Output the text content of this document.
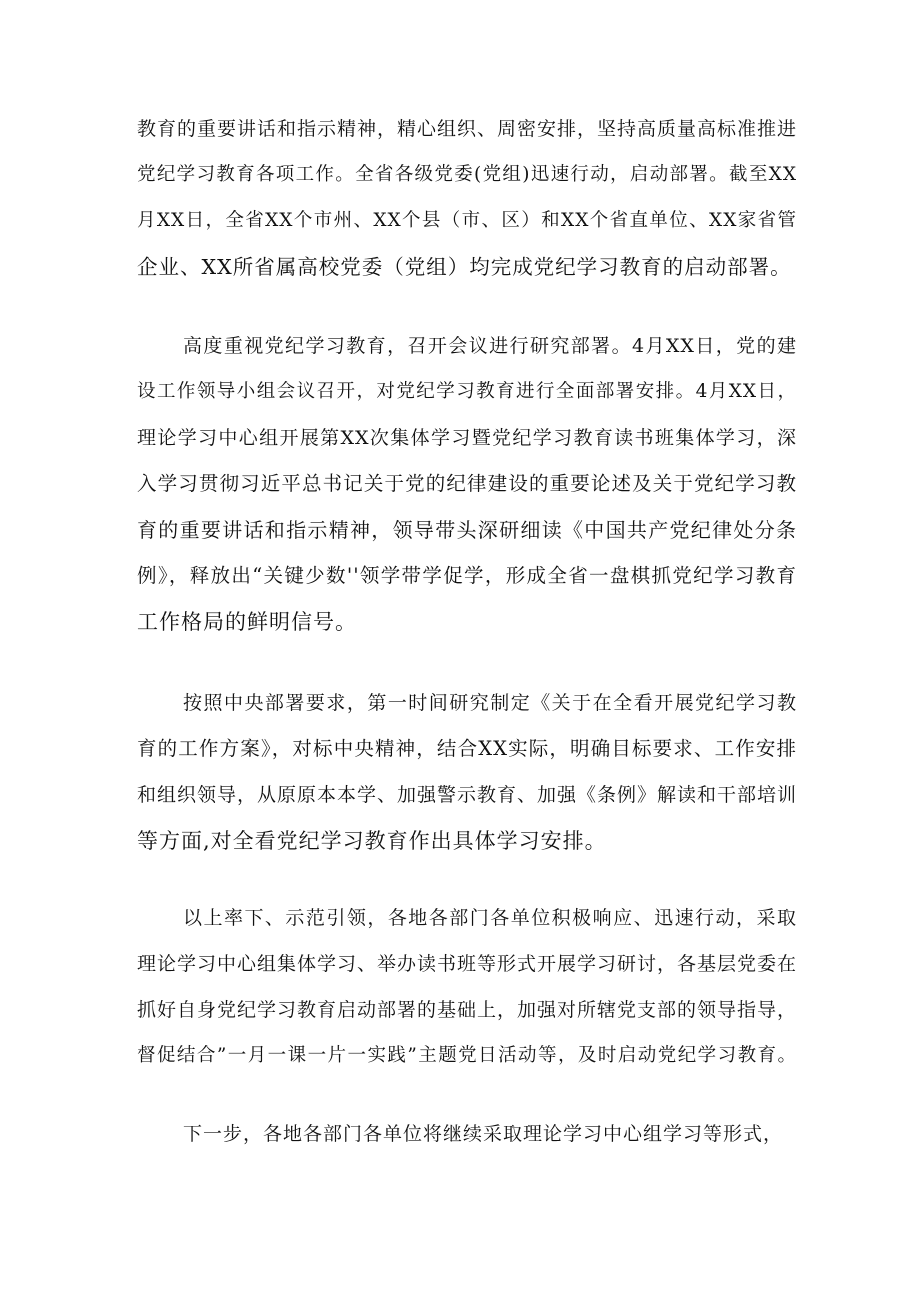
教育的重要讲话和指示精神，精心组织、周密安排，坚持高质量高标准推进
党纪学习教育各项工作。全省各级党委(党组)迅速行动，启动部署。截至XX
月XX日，全省XX个市州、XX个县（市、区）和XX个省直单位、XX家省管
企业、XX所省属高校党委（党组）均完成党纪学习教育的启动部署。
高度重视党纪学习教育，召开会议进行研究部署。4月XX日，党的建
设工作领导小组会议召开，对党纪学习教育进行全面部署安排。4月XX日，
理论学习中心组开展第XX次集体学习暨党纪学习教育读书班集体学习，深
入学习贯彻习近平总书记关于党的纪律建设的重要论述及关于党纪学习教
育的重要讲话和指示精神，领导带头深研细读《中国共产党纪律处分条
例》，释放出“关键少数''领学带学促学，形成全省一盘棋抓党纪学习教育
工作格局的鲜明信号。
按照中央部署要求，第一时间研究制定《关于在全看开展党纪学习教
育的工作方案》，对标中央精神，结合XX实际，明确目标要求、工作安排
和组织领导，从原原本本学、加强警示教育、加强《条例》解读和干部培训
等方面,对全看党纪学习教育作出具体学习安排。
以上率下、示范引领，各地各部门各单位积极响应、迅速行动，采取
理论学习中心组集体学习、举办读书班等形式开展学习研讨，各基层党委在
抓好自身党纪学习教育启动部署的基础上，加强对所辖党支部的领导指导，
督促结合”一月一课一片一实践”主题党日活动等，及时启动党纪学习教育。
下一步，各地各部门各单位将继续采取理论学习中心组学习等形式，
